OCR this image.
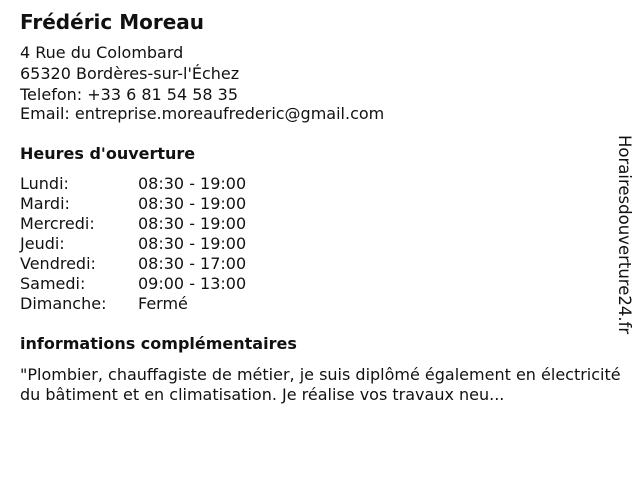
Frédéric Moreau
4 Rue du Colombard
65320 Bordères-sur-l'Échez
Telefon: +33 6 81 54 58 35
Email: entreprise.moreaufrederic@gmail.com
Heures d'ouverture
Lundi:	08:30 - 19:00
Mardi:	08:30 - 19:00
Mercredi:	08:30 - 19:00
Jeudi:	08:30 - 19:00
Vendredi:	08:30 - 17:00
Samedi:	09:00 - 13:00
Dimanche: Fermé
informations complémentaires
"Plombier, chauffagiste de métier, je suis diplômé également en électricité du bâtiment et en climatisation. Je réalise vos travaux neu...
Horairesdouverture24.fr
